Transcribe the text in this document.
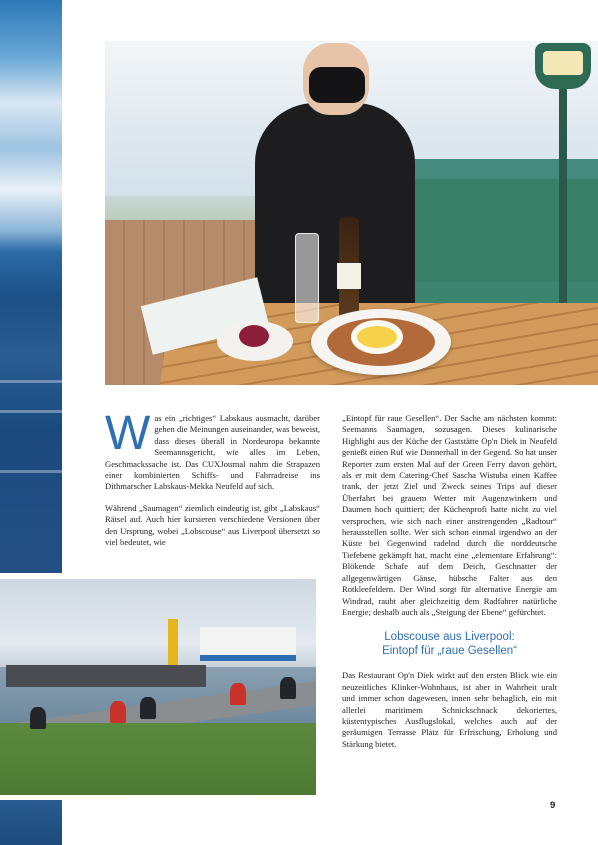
Was ein „richtiges“ Labskaus ausmacht, darüber gehen die Meinungen auseinander, was beweist, dass dieses überall in Nordeuropa bekannte Seemannsgericht, wie alles im Leben, Geschmackssache ist. Das CUXJournal nahm die Strapazen einer kombinierten Schiffs- und Fahrradreise ins Dithmarscher Labskaus-Mekka Neufeld auf sich.

Während „Saumagen“ ziemlich eindeutig ist, gibt „Labskaus“ Rätsel auf. Auch hier kursieren verschiedene Versionen über den Ursprung, wobei „Lobscouse“ aus Liverpool übersetzt so viel bedeutet, wie

„Eintopf für raue Gesellen“. Der Sache am nächsten kommt: Seemanns Saumagen, sozusagen. Dieses kulinarische Highlight aus der Küche der Gaststätte Op'n Diek in Neufeld genießt einen Ruf wie Donnerhall in der Gegend. So hat unser Reporter zum ersten Mal auf der Green Ferry davon gehört, als er mit dem Catering-Chef Sascha Wistuba einen Kaffee trank, der jetzt Ziel und Zweck seines Trips auf dieser Überfahrt bei grauem Wetter mit Augenzwinkern und Daumen hoch quittiert; der Küchenprofi hatte nicht zu viel versprochen, wie sich nach einer anstrengenden „Radtour“ herausstellen sollte. Wer sich schon einmal irgendwo an der Küste bei Gegenwind radelnd durch die norddeutsche Tiefebene gekämpft hat, macht eine „elementare Erfahrung“: Blökende Schafe auf dem Deich, Geschnatter der allgegenwärtigen Gänse, hübsche Falter aus den Rotkleefeldern. Der Wind sorgt für alternative Energie am Windrad, raubt aber gleichzeitig dem Radfahrer natürliche Energie; deshalb auch als „Steigung der Ebene“ gefürchtet.

Lobscouse aus Liverpool:
Eintopf für „raue Gesellen“

Das Restaurant Op'n Diek wirkt auf den ersten Blick wie ein neuzeitliches Klinker-Wohnhaus, ist aber in Wahrheit uralt und immer schon dagewesen, innen sehr behaglich, ein mit allerlei maritimem Schnickschnack dekoriertes, küstentypisches Ausflugslokal, welches auch auf der geräumigen Terrasse Platz für Erfrischung, Erholung und Stärkung bietet.

9
